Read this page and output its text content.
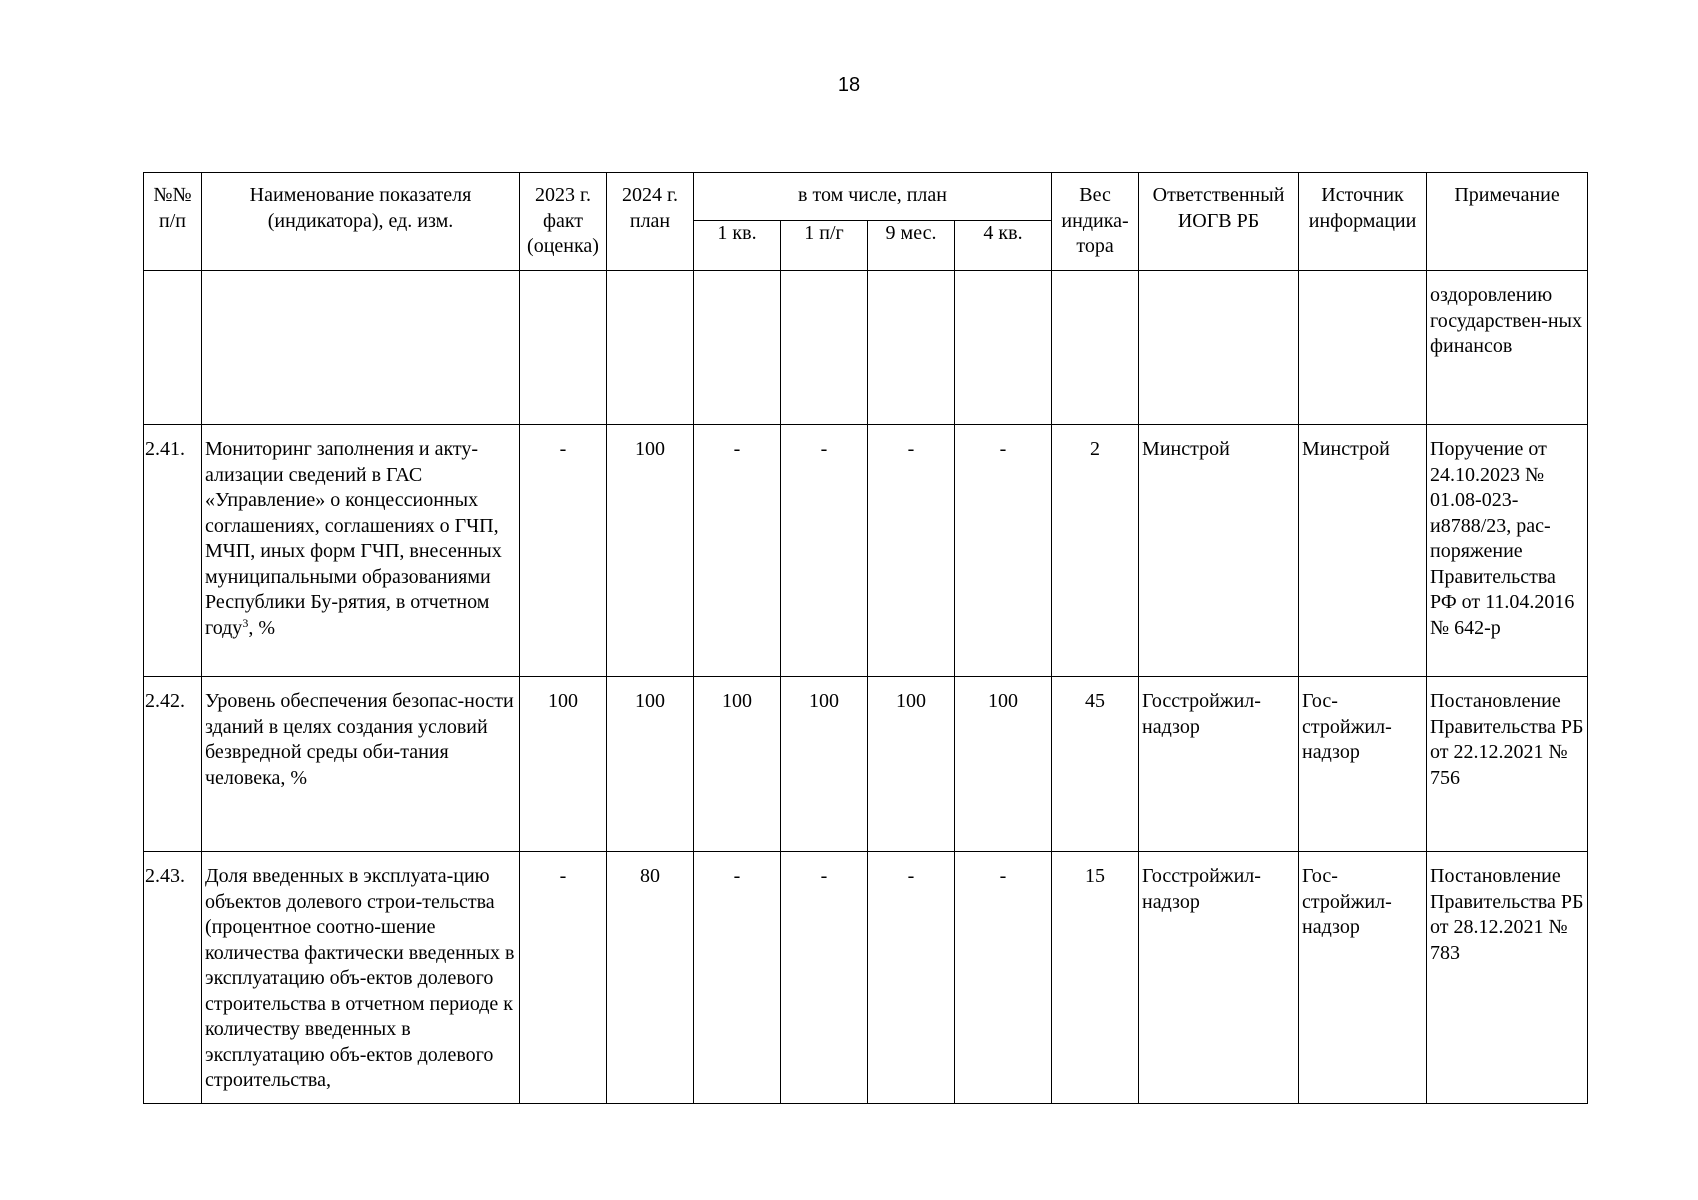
18
№№ п/п	Наименование показателя (индикатора), ед. изм.	2023 г. факт (оценка)	2024 г. план	в том числе, план				Вес индика-тора	Ответственный ИОГВ РБ	Источник информации	Примечание
				1 кв.	1 п/г	9 мес.	4 кв.				
											оздоровлению государствен-ных финансов
2.41.	Мониторинг заполнения и акту-ализации сведений в ГАС «Управление» о концессионных соглашениях, соглашениях о ГЧП, МЧП, иных форм ГЧП, внесенных муниципальными образованиями Республики Бу-рятия, в отчетном году$^3$, %	-	100	-	-	-	-	2	Минстрой	Минстрой	Поручение от 24.10.2023 № 01.08-023-и8788/23, рас-поряжение Правительства РФ от 11.04.2016 № 642-р
2.42.	Уровень обеспечения безопас-ности зданий в целях создания условий безвредной среды оби-тания человека, %	100	100	100	100	100	100	45	Госстройжил-надзор	Гос-стройжил-надзор	Постановление Правительства РБ от 22.12.2021 № 756
2.43.	Доля введенных в эксплуата-цию объектов долевого строи-тельства (процентное соотно-шение количества фактически введенных в эксплуатацию объ-ектов долевого строительства в отчетном периоде к количеству введенных в эксплуатацию объ-ектов долевого строительства,	-	80	-	-	-	-	15	Госстройжил-надзор	Гос-стройжил-надзор	Постановление Правительства РБ от 28.12.2021 № 783
